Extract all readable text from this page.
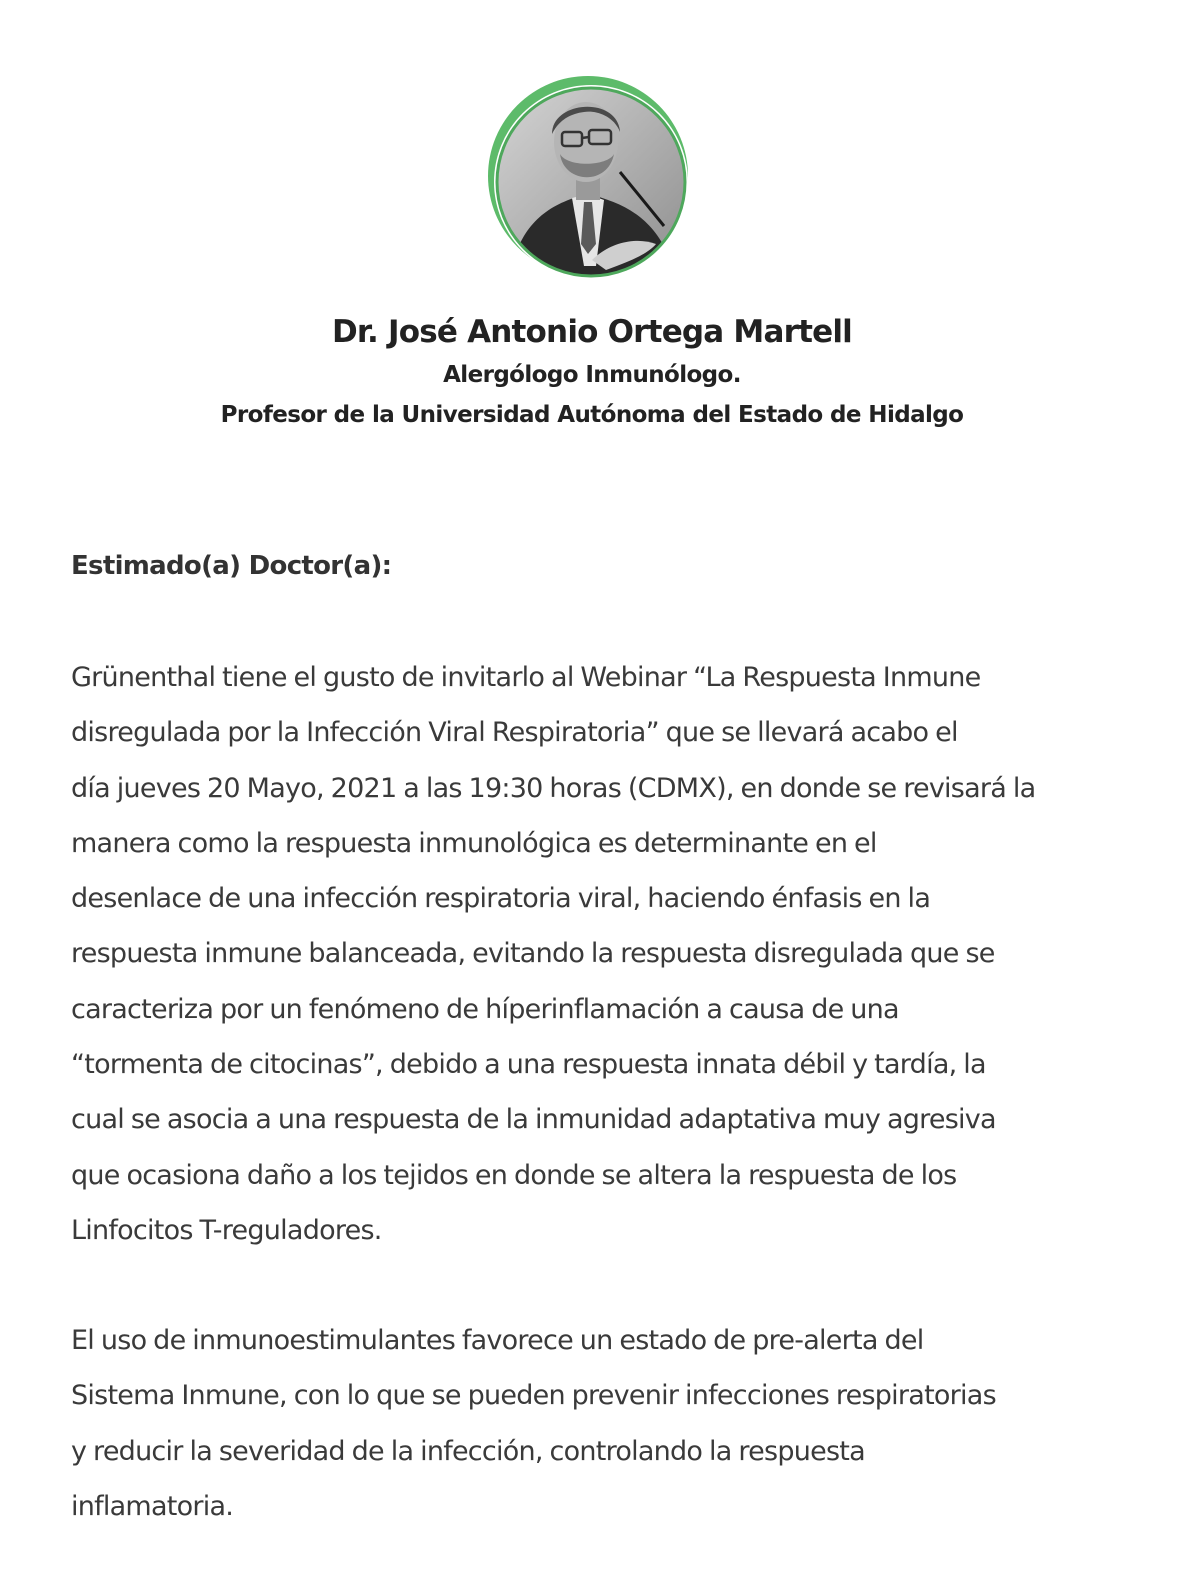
Dr. José Antonio Ortega Martell
Alergólogo Inmunólogo.
Profesor de la Universidad Autónoma del Estado de Hidalgo
Estimado(a) Doctor(a):
Grünenthal tiene el gusto de invitarlo al Webinar “La Respuesta Inmune
disregulada por la Infección Viral Respiratoria” que se llevará acabo el
día jueves 20 Mayo, 2021 a las 19:30 horas (CDMX), en donde se revisará la
manera como la respuesta inmunológica es determinante en el
desenlace de una infección respiratoria viral, haciendo énfasis en la
respuesta inmune balanceada, evitando la respuesta disregulada que se
caracteriza por un fenómeno de híperinflamación a causa de una
“tormenta de citocinas”, debido a una respuesta innata débil y tardía, la
cual se asocia a una respuesta de la inmunidad adaptativa muy agresiva
que ocasiona daño a los tejidos en donde se altera la respuesta de los
Linfocitos T-reguladores.
El uso de inmunoestimulantes favorece un estado de pre-alerta del
Sistema Inmune, con lo que se pueden prevenir infecciones respiratorias
y reducir la severidad de la infección, controlando la respuesta
inflamatoria.
